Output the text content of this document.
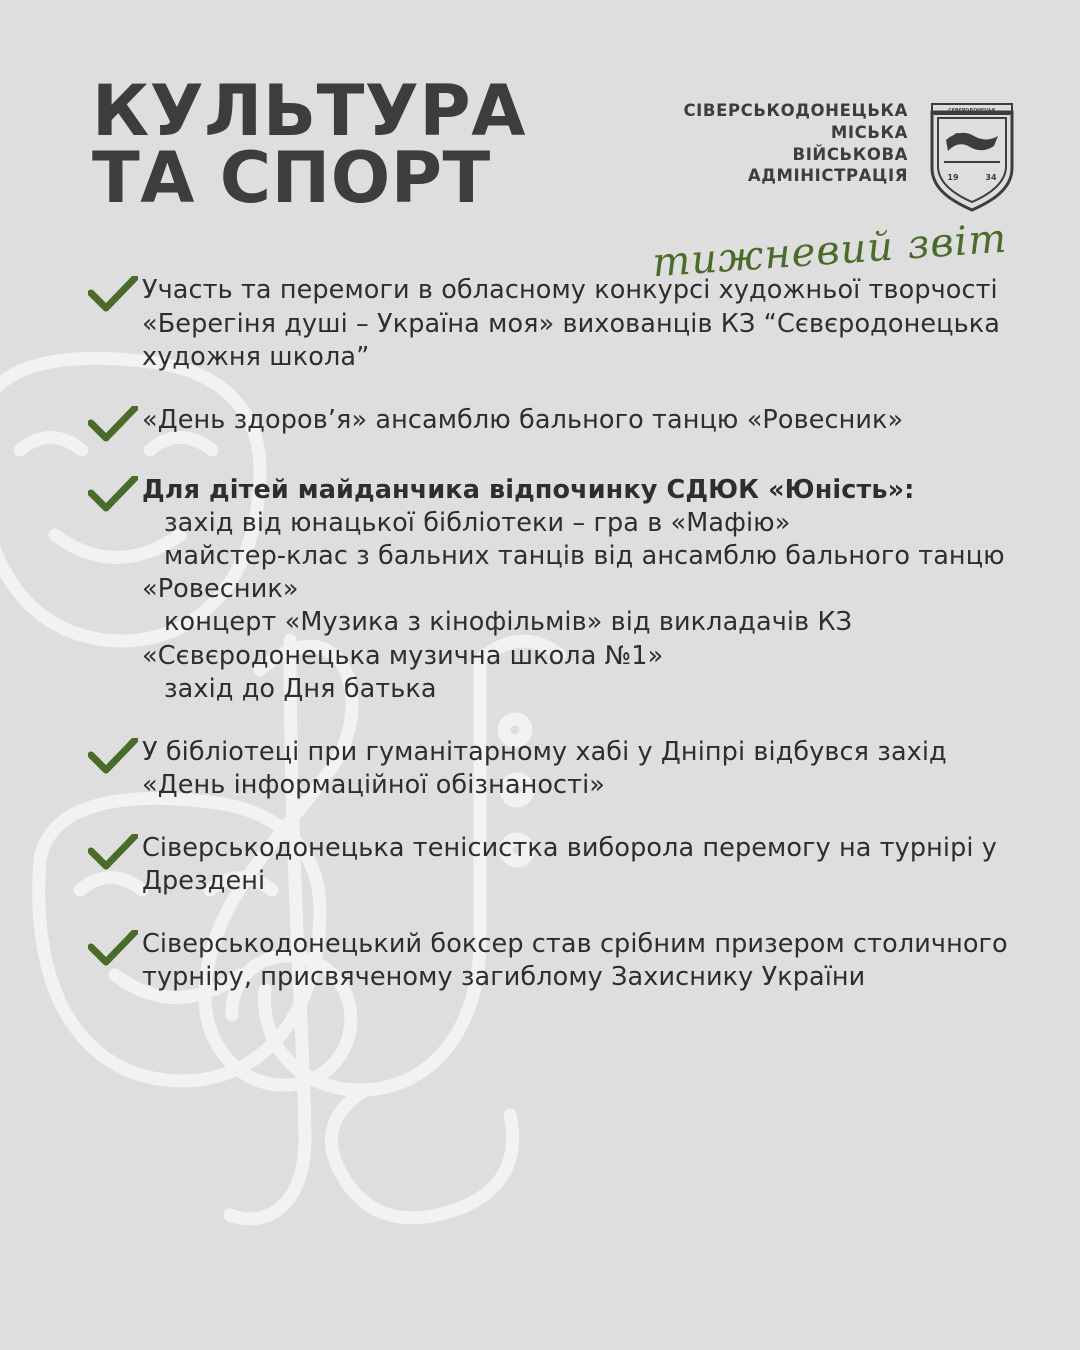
КУЛЬТУРА
ТА СПОРТ
СІВЕРСЬКОДОНЕЦЬКА
МІСЬКА
ВІЙСЬКОВА
АДМІНІСТРАЦІЯ
СЄВЄРОДОНЕЦЬК
19	34
тижневий звіт
Участь та перемоги в обласному конкурсі художньої творчості «Берегіня душі – Україна моя» вихованців КЗ “Сєвєродонецька художня школа”
«День здоров’я» ансамблю бального танцю «Ровесник»
Для дітей майданчика відпочинку СДЮК «Юність»:
захід від юнацької бібліотеки – гра в «Мафію»
майстер-клас з бальних танців від ансамблю бального танцю «Ровесник»
концерт «Музика з кінофільмів» від викладачів КЗ «Сєвєродонецька музична школа №1»
захід до Дня батька
У бібліотеці при гуманітарному хабі у Дніпрі відбувся захід «День інформаційної обізнаності»
Сіверськодонецька тенісистка виборола перемогу на турнірі у Дрездені
Сіверськодонецький боксер став срібним призером столичного турніру, присвяченому загиблому Захиснику України
